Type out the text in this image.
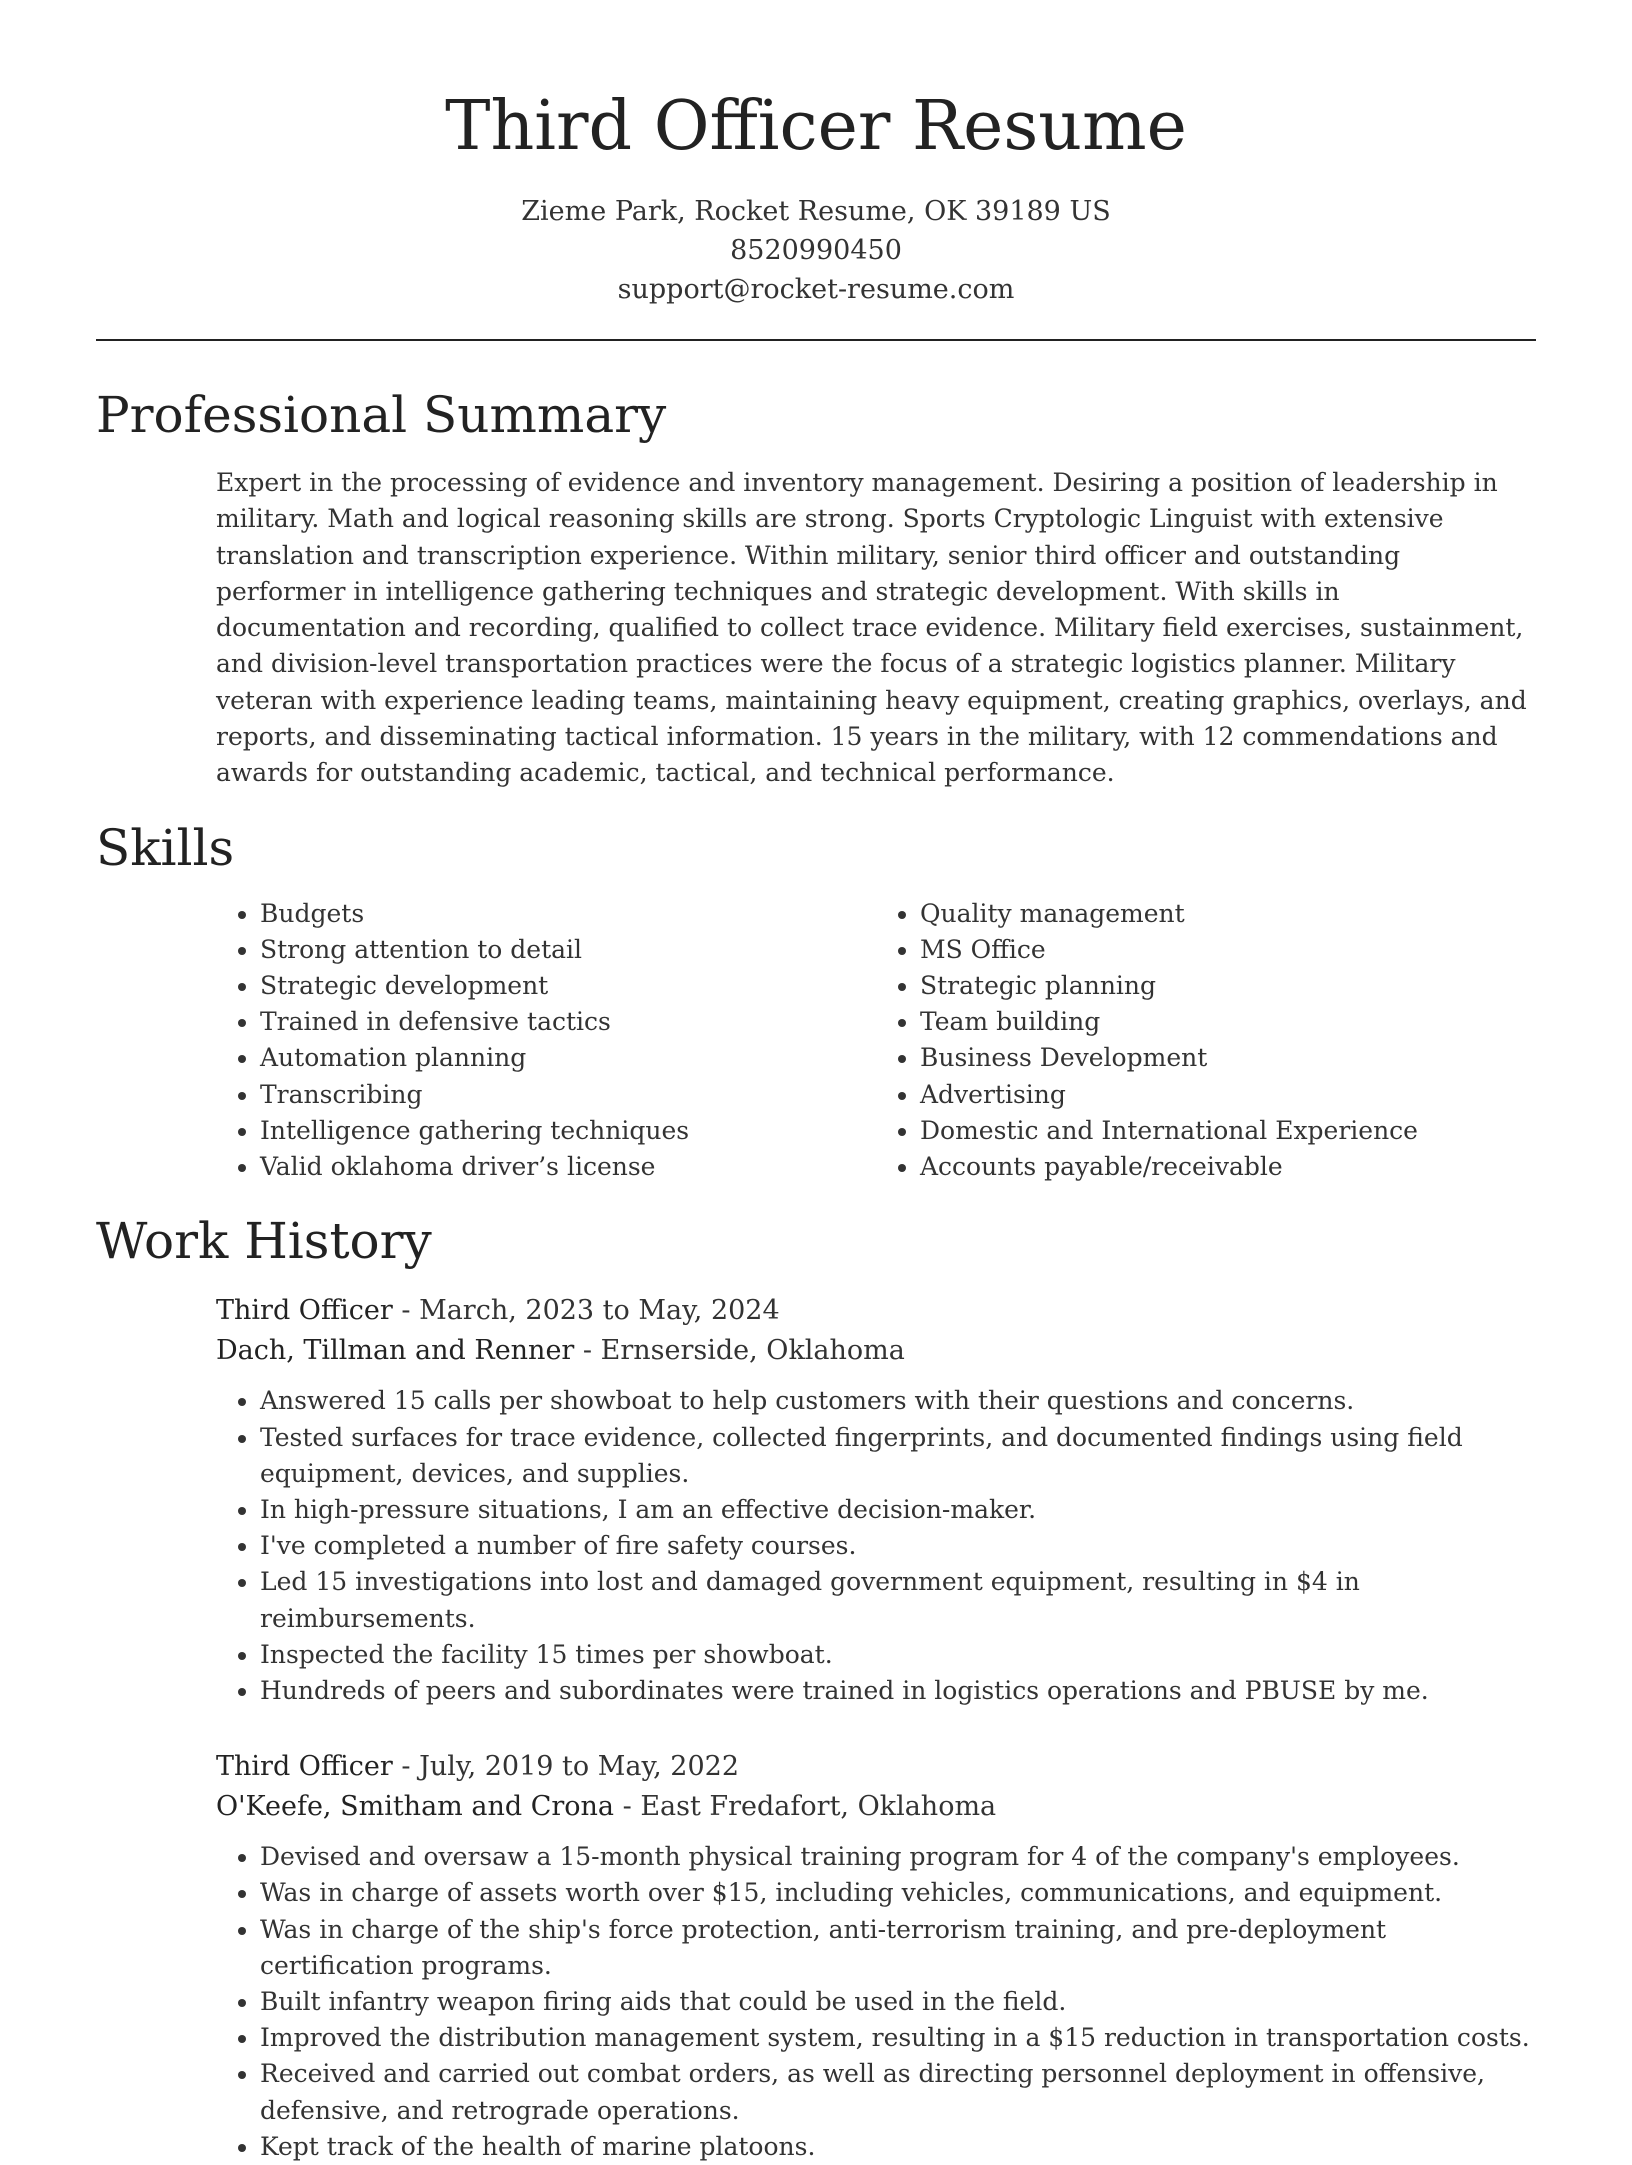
Third Officer Resume
Zieme Park, Rocket Resume, OK 39189 US
8520990450
support@rocket-resume.com
Professional Summary
Expert in the processing of evidence and inventory management. Desiring a position of leadership in military. Math and logical reasoning skills are strong. Sports Cryptologic Linguist with extensive translation and transcription experience. Within military, senior third officer and outstanding performer in intelligence gathering techniques and strategic development. With skills in documentation and recording, qualified to collect trace evidence. Military field exercises, sustainment, and division-level transportation practices were the focus of a strategic logistics planner. Military veteran with experience leading teams, maintaining heavy equipment, creating graphics, overlays, and reports, and disseminating tactical information. 15 years in the military, with 12 commendations and awards for outstanding academic, tactical, and technical performance.
Skills
• Budgets
• Strong attention to detail
• Strategic development
• Trained in defensive tactics
• Automation planning
• Transcribing
• Intelligence gathering techniques
• Valid oklahoma driver’s license
• Quality management
• MS Office
• Strategic planning
• Team building
• Business Development
• Advertising
• Domestic and International Experience
• Accounts payable/receivable
Work History
Third Officer - March, 2023 to May, 2024
Dach, Tillman and Renner - Ernserside, Oklahoma
• Answered 15 calls per showboat to help customers with their questions and concerns.
• Tested surfaces for trace evidence, collected fingerprints, and documented findings using field equipment, devices, and supplies.
• In high-pressure situations, I am an effective decision-maker.
• I've completed a number of fire safety courses.
• Led 15 investigations into lost and damaged government equipment, resulting in $4 in reimbursements.
• Inspected the facility 15 times per showboat.
• Hundreds of peers and subordinates were trained in logistics operations and PBUSE by me.
Third Officer - July, 2019 to May, 2022
O'Keefe, Smitham and Crona - East Fredafort, Oklahoma
• Devised and oversaw a 15-month physical training program for 4 of the company's employees.
• Was in charge of assets worth over $15, including vehicles, communications, and equipment.
• Was in charge of the ship's force protection, anti-terrorism training, and pre-deployment certification programs.
• Built infantry weapon firing aids that could be used in the field.
• Improved the distribution management system, resulting in a $15 reduction in transportation costs.
• Received and carried out combat orders, as well as directing personnel deployment in offensive, defensive, and retrograde operations.
• Kept track of the health of marine platoons.
